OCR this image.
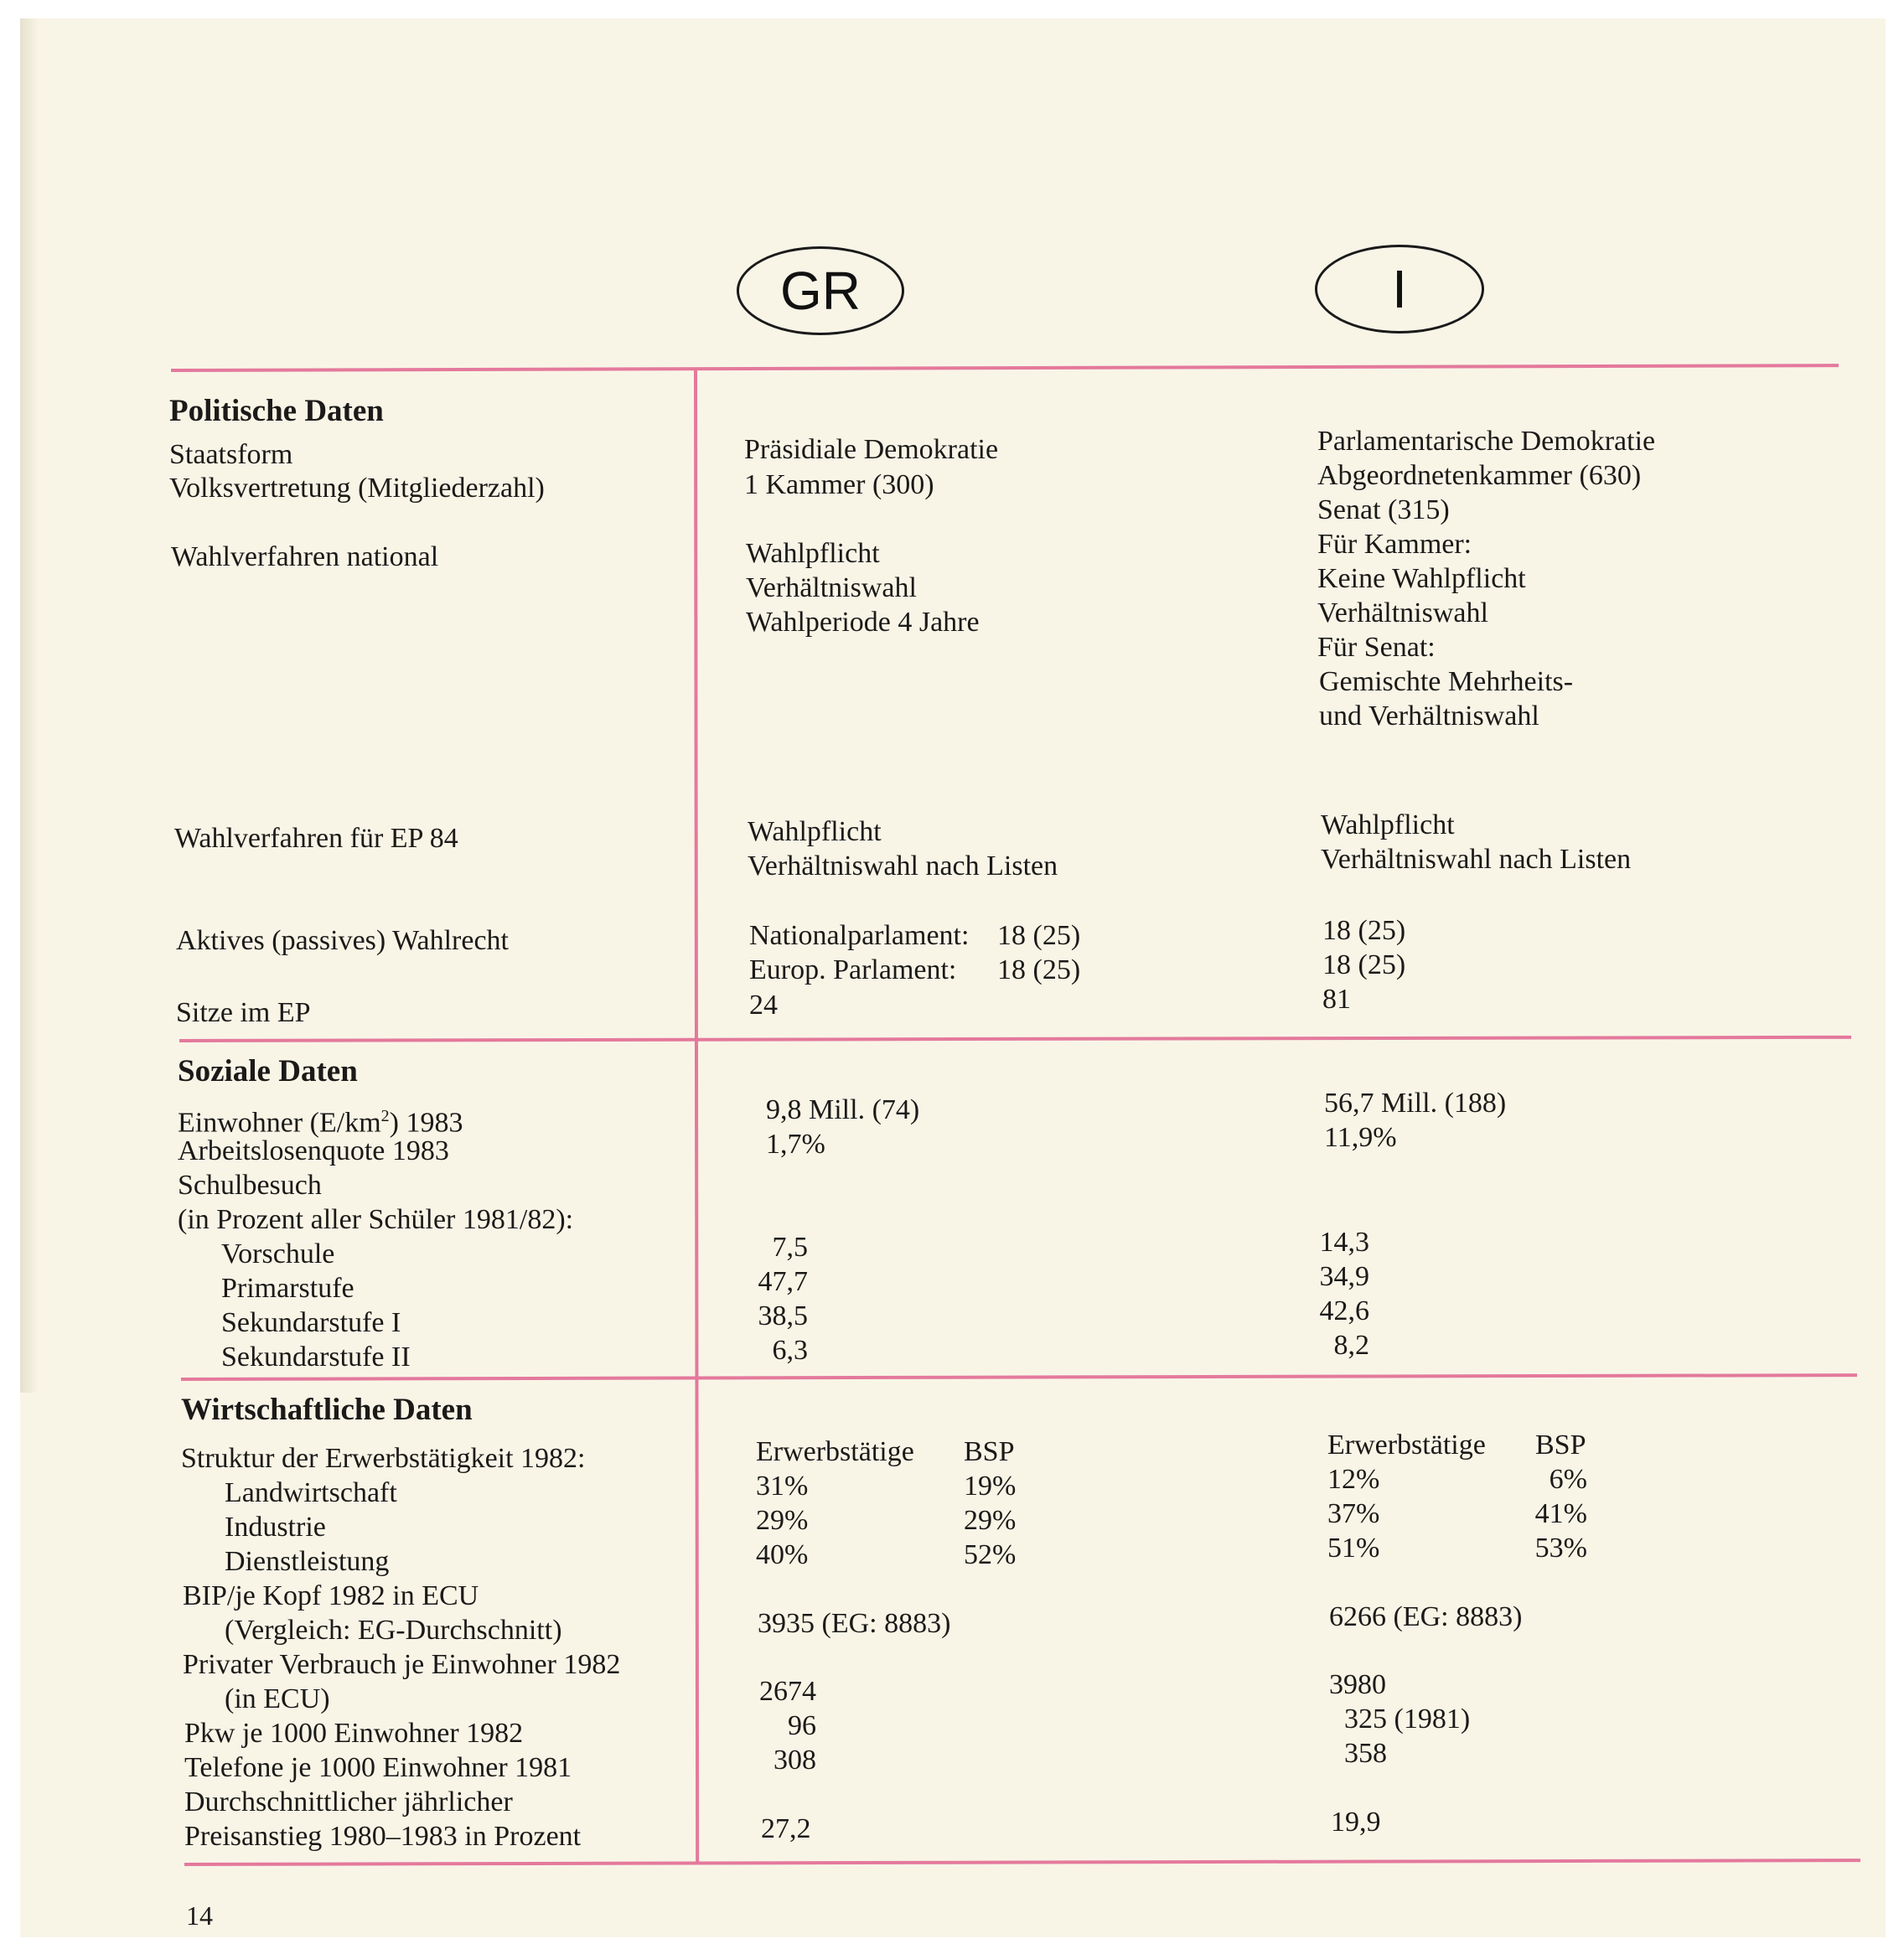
GR	I
Politische Daten
Staatsform
Volksvertretung (Mitgliederzahl)
Wahlverfahren national
Wahlverfahren für EP 84
Aktives (passives) Wahlrecht
Sitze im EP
Präsidiale Demokratie
1 Kammer (300)
Wahlpflicht
Verhältniswahl
Wahlperiode 4 Jahre
Wahlpflicht
Verhältniswahl nach Listen
Nationalparlament: 18 (25)
Europ. Parlament: 18 (25)
24
Parlamentarische Demokratie
Abgeordnetenkammer (630)
Senat (315)
Für Kammer:
Keine Wahlpflicht
Verhältniswahl
Für Senat:
Gemischte Mehrheits-
und Verhältniswahl
Wahlpflicht
Verhältniswahl nach Listen
18 (25)
18 (25)
81
Soziale Daten
Einwohner $(E/km^2)$ 1983
Arbeitslosenquote 1983
Schulbesuch
(in Prozent aller Schüler 1981/82):
Vorschule
Primarstufe
Sekundarstufe I
Sekundarstufe II
9,8 Mill. (74)
1,7%
7,5
47,7
38,5
6,3
56,7 Mill. (188)
11,9%
14,3
34,9
42,6
8,2
Wirtschaftliche Daten
Struktur der Erwerbstätigkeit 1982:
Landwirtschaft
Industrie
Dienstleistung
BIP/je Kopf 1982 in ECU
(Vergleich: EG-Durchschnitt)
Privater Verbrauch je Einwohner 1982
(in ECU)
Pkw je 1000 Einwohner 1982
Telefone je 1000 Einwohner 1981
Durchschnittlicher jährlicher
Preisanstieg 1980–1983 in Prozent
Erwerbstätige BSP
31%
29%
40%
19%
29%
52%
3935 (EG: 8883)
2674
96
308
27,2
Erwerbstätige BSP
12%
37%
51%
6%
41%
53%
6266 (EG: 8883)
3980
325 (1981)
358
19,9
14
